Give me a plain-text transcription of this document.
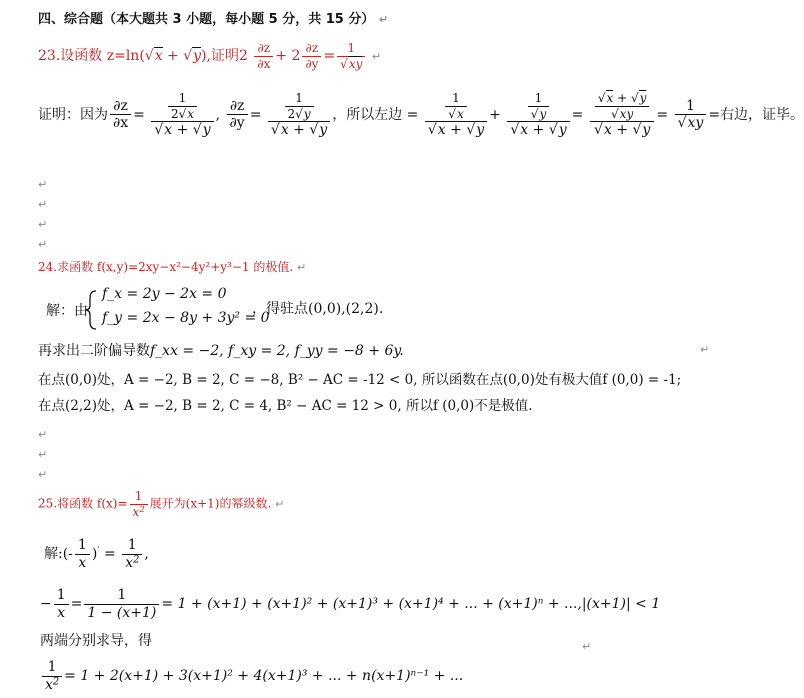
四、综合题（本大题共 3 小题，每小题 5 分，共 15 分） ↵
23.设函数 z=ln(√x + √y),证明$2 \frac{\partial z}{\partial x} + 2 \frac{\partial z}{\partial y} = \frac{1}{√xy}$ ↵
证明：因为 $\frac{\partial z}{\partial x} = \frac{\frac{1}{2√x}}{√x + √y}$ , $\frac{\partial z}{\partial y} = \frac{\frac{1}{2√y}}{√x + √y}$ ，所以左边 = $\frac{\frac{1}{√x}}{√x + √y} + \frac{\frac{1}{√y}}{√x + √y} = \frac{\frac{√x + √y}{√xy}}{√x + √y} = \frac{1}{√xy}$ =右边，证毕。
↵
↵
↵
↵
24.求函数 f(x,y)=2xy−x²−4y²+y³−1 的极值. ↵
解：由
f_x = 2y − 2x = 0
f_y = 2x − 8y + 3y² = 0
，得驻点(0,0),(2,2).
再求出二阶偏导数f_xx = −2, f_xy = 2, f_yy = −8 + 6y.	↵
在点(0,0)处，A = −2, B = 2, C = −8, B² − AC = -12 < 0, 所以函数在点(0,0)处有极大值f (0,0) = -1;
在点(2,2)处，A = −2, B = 2, C = 4, B² − AC = 12 > 0, 所以f (0,0)不是极值.
↵
↵
↵
25.将函数 $f(x)= \frac{1}{x^2}$ 展开为(x+1)的幂级数. ↵
解:(- $\frac{1}{x} )' = \frac{1}{x^2}$ ,
− $\frac{1}{x} = \frac{1}{1 - (x+1)} = 1 + (x+1) + (x+1)^2 + (x+1)^3 + (x+1)^4$ + ... + (x+1)ⁿ + ...,|(x+1)| < 1
两端分别求导，得	↵
$\frac{1}{x^2} = 1 + 2(x+1) + 3(x+1)^2 + 4(x+1)^3$ + ... + n(x+1)ⁿ⁻¹ + ...
